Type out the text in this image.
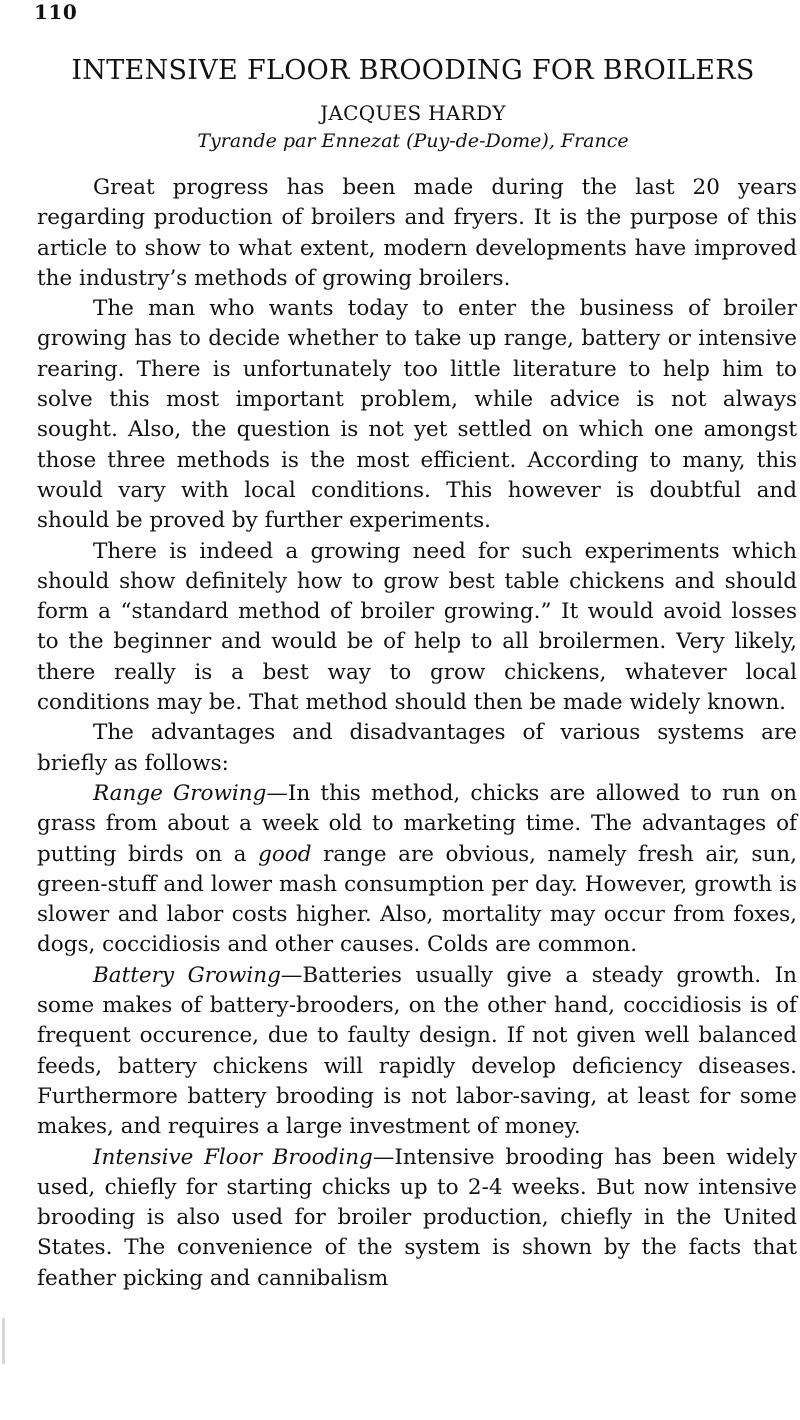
110
INTENSIVE FLOOR BROODING FOR BROILERS
JACQUES HARDY
Tyrande par Ennezat (Puy-de-Dome), France

Great progress has been made during the last 20 years regarding production of broilers and fryers. It is the purpose of this article to show to what extent, modern developments have improved the industry’s methods of growing broilers.

The man who wants today to enter the business of broiler growing has to decide whether to take up range, battery or intensive rearing. There is unfortunately too little literature to help him to solve this most important problem, while advice is not always sought. Also, the question is not yet settled on which one amongst those three methods is the most efficient. According to many, this would vary with local conditions. This however is doubtful and should be proved by further experiments.

There is indeed a growing need for such experiments which should show definitely how to grow best table chickens and should form a “standard method of broiler growing.” It would avoid losses to the beginner and would be of help to all broilermen. Very likely, there really is a best way to grow chickens, whatever local conditions may be. That method should then be made widely known.

The advantages and disadvantages of various systems are briefly as follows:

Range Growing—In this method, chicks are allowed to run on grass from about a week old to marketing time. The advantages of putting birds on a good range are obvious, namely fresh air, sun, green-stuff and lower mash consumption per day. However, growth is slower and labor costs higher. Also, mortality may occur from foxes, dogs, coccidiosis and other causes. Colds are common.

Battery Growing—Batteries usually give a steady growth. In some makes of battery-brooders, on the other hand, coccidiosis is of frequent occurence, due to faulty design. If not given well balanced feeds, battery chickens will rapidly develop deficiency diseases. Furthermore battery brooding is not labor-saving, at least for some makes, and requires a large investment of money.

Intensive Floor Brooding—Intensive brooding has been widely used, chiefly for starting chicks up to 2-4 weeks. But now intensive brooding is also used for broiler production, chiefly in the United States. The convenience of the system is shown by the facts that feather picking and cannibalism
